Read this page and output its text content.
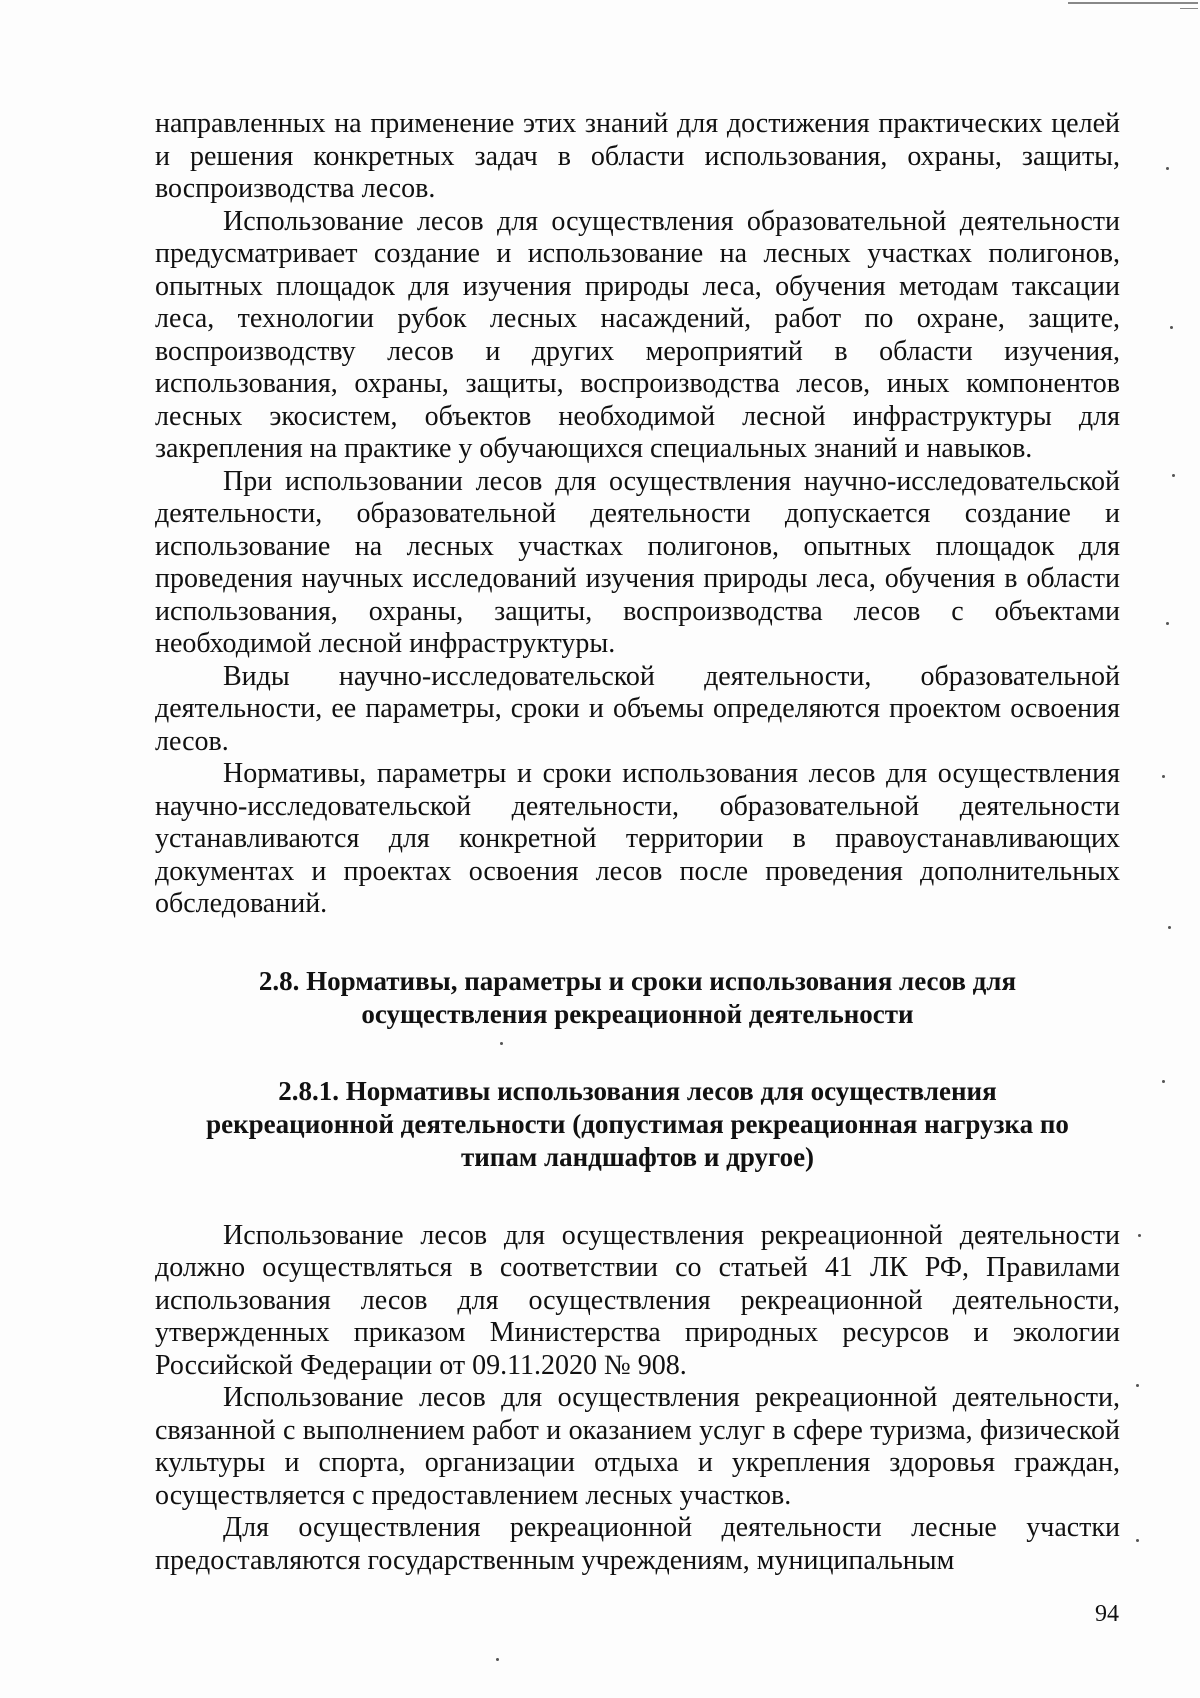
направленных на применение этих знаний для достижения практических целей и решения конкретных задач в области использования, охраны, защиты, воспроизводства лесов.

Использование лесов для осуществления образовательной деятельности предусматривает создание и использование на лесных участках полигонов, опытных площадок для изучения природы леса, обучения методам таксации леса, технологии рубок лесных насаждений, работ по охране, защите, воспроизводству лесов и других мероприятий в области изучения, использования, охраны, защиты, воспроизводства лесов, иных компонентов лесных экосистем, объектов необходимой лесной инфраструктуры для закрепления на практике у обучающихся специальных знаний и навыков.

При использовании лесов для осуществления научно-исследовательской деятельности, образовательной деятельности допускается создание и использование на лесных участках полигонов, опытных площадок для проведения научных исследований изучения природы леса, обучения в области использования, охраны, защиты, воспроизводства лесов с объектами необходимой лесной инфраструктуры.

Виды научно-исследовательской деятельности, образовательной деятельности, ее параметры, сроки и объемы определяются проектом освоения лесов.

Нормативы, параметры и сроки использования лесов для осуществления научно-исследовательской деятельности, образовательной деятельности устанавливаются для конкретной территории в правоустанавливающих документах и проектах освоения лесов после проведения дополнительных обследований.

2.8. Нормативы, параметры и сроки использования лесов для осуществления рекреационной деятельности
2.8.1. Нормативы использования лесов для осуществления рекреационной деятельности (допустимая рекреационная нагрузка по типам ландшафтов и другое)

Использование лесов для осуществления рекреационной деятельности должно осуществляться в соответствии со статьей 41 ЛК РФ, Правилами использования лесов для осуществления рекреационной деятельности, утвержденных приказом Министерства природных ресурсов и экологии Российской Федерации от 09.11.2020 № 908.

Использование лесов для осуществления рекреационной деятельности, связанной с выполнением работ и оказанием услуг в сфере туризма, физической культуры и спорта, организации отдыха и укрепления здоровья граждан, осуществляется с предоставлением лесных участков.

Для осуществления рекреационной деятельности лесные участки предоставляются государственным учреждениям, муниципальным

94
